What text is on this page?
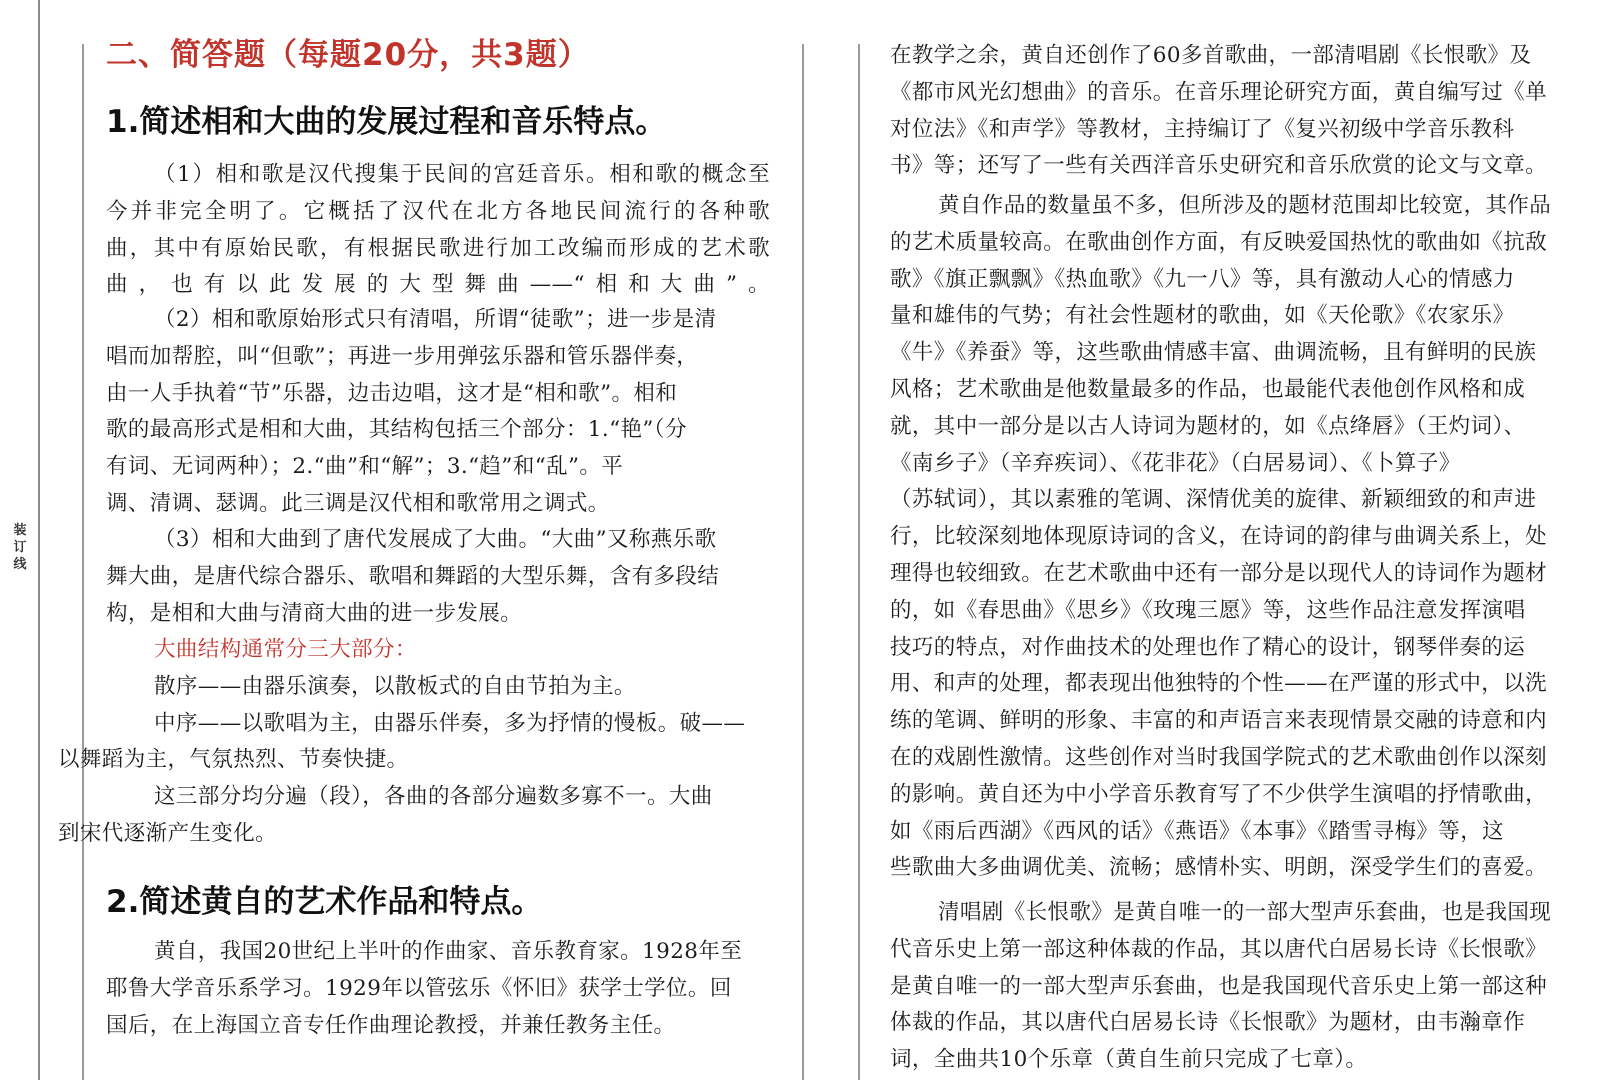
装
订
线
二、简答题（每题20分，共3题）
1.简述相和大曲的发展过程和音乐特点。

（1）相和歌是汉代搜集于民间的宫廷音乐。相和歌的概念至
今并非完全明了。它概括了汉代在北方各地民间流行的各种歌
曲，其中有原始民歌，有根据民歌进行加工改编而形成的艺术歌
曲，也有以此发展的大型舞曲——“相和大曲”。

（2）相和歌原始形式只有清唱，所谓“徒歌”；进一步是清
唱而加帮腔，叫“但歌”；再进一步用弹弦乐器和管乐器伴奏，
由一人手执着“节”乐器，边击边唱，这才是“相和歌”。相和
歌的最高形式是相和大曲，其结构包括三个部分：1.“艳”（分
有词、无词两种）；2.“曲”和“解”；3.“趋”和“乱”。平
调、清调、瑟调。此三调是汉代相和歌常用之调式。

（3）相和大曲到了唐代发展成了大曲。“大曲”又称燕乐歌
舞大曲，是唐代综合器乐、歌唱和舞蹈的大型乐舞，含有多段结
构，是相和大曲与清商大曲的进一步发展。

大曲结构通常分三大部分：

散序——由器乐演奏，以散板式的自由节拍为主。

中序——以歌唱为主，由器乐伴奏，多为抒情的慢板。破——
以舞蹈为主，气氛热烈、节奏快捷。

这三部分均分遍（段），各曲的各部分遍数多寡不一。大曲
到宋代逐渐产生变化。

2.简述黄自的艺术作品和特点。

黄自，我国20世纪上半叶的作曲家、音乐教育家。1928年至
耶鲁大学音乐系学习。1929年以管弦乐《怀旧》获学士学位。回
国后，在上海国立音专任作曲理论教授，并兼任教务主任。

在教学之余，黄自还创作了60多首歌曲，一部清唱剧《长恨歌》及
《都市风光幻想曲》的音乐。在音乐理论研究方面，黄自编写过《单
对位法》《和声学》等教材，主持编订了《复兴初级中学音乐教科
书》等；还写了一些有关西洋音乐史研究和音乐欣赏的论文与文章。

黄自作品的数量虽不多，但所涉及的题材范围却比较宽，其作品
的艺术质量较高。在歌曲创作方面，有反映爱国热忱的歌曲如《抗敌
歌》《旗正飘飘》《热血歌》《九一八》等，具有激动人心的情感力
量和雄伟的气势；有社会性题材的歌曲，如《天伦歌》《农家乐》
《牛》《养蚕》等，这些歌曲情感丰富、曲调流畅，且有鲜明的民族
风格；艺术歌曲是他数量最多的作品，也最能代表他创作风格和成
就，其中一部分是以古人诗词为题材的，如《点绛唇》（王灼词）、
《南乡子》（辛弃疾词）、《花非花》（白居易词）、《卜算子》
（苏轼词），其以素雅的笔调、深情优美的旋律、新颖细致的和声进
行，比较深刻地体现原诗词的含义，在诗词的韵律与曲调关系上，处
理得也较细致。在艺术歌曲中还有一部分是以现代人的诗词作为题材
的，如《春思曲》《思乡》《玫瑰三愿》等，这些作品注意发挥演唱
技巧的特点，对作曲技术的处理也作了精心的设计，钢琴伴奏的运
用、和声的处理，都表现出他独特的个性——在严谨的形式中，以洗
练的笔调、鲜明的形象、丰富的和声语言来表现情景交融的诗意和内
在的戏剧性激情。这些创作对当时我国学院式的艺术歌曲创作以深刻
的影响。黄自还为中小学音乐教育写了不少供学生演唱的抒情歌曲，
如《雨后西湖》《西风的话》《燕语》《本事》《踏雪寻梅》等，这
些歌曲大多曲调优美、流畅；感情朴实、明朗，深受学生们的喜爱。

清唱剧《长恨歌》是黄自唯一的一部大型声乐套曲，也是我国现
代音乐史上第一部这种体裁的作品，其以唐代白居易长诗《长恨歌》
是黄自唯一的一部大型声乐套曲，也是我国现代音乐史上第一部这种
体裁的作品，其以唐代白居易长诗《长恨歌》为题材，由韦瀚章作
词，全曲共10个乐章（黄自生前只完成了七章）。
